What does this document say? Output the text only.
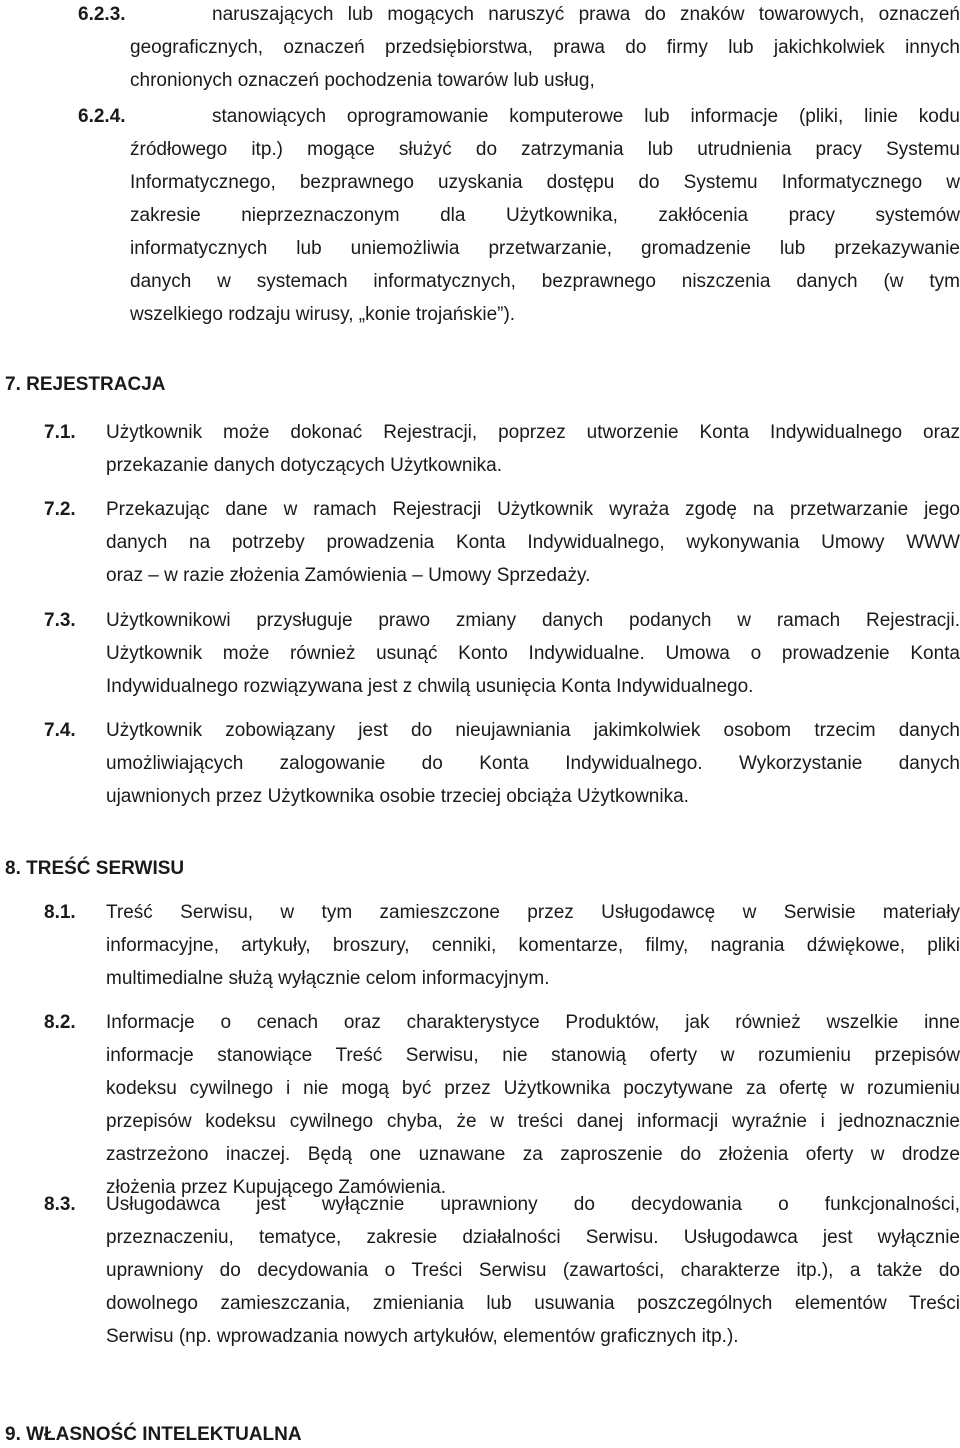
6.2.3.	naruszających lub mogących naruszyć prawa do znaków towarowych, oznaczeń
geograficznych, oznaczeń przedsiębiorstwa, prawa do firmy lub jakichkolwiek innych
chronionych oznaczeń pochodzenia towarów lub usług,
6.2.4.	stanowiących oprogramowanie komputerowe lub informacje (pliki, linie kodu
źródłowego itp.) mogące służyć do zatrzymania lub utrudnienia pracy Systemu
Informatycznego, bezprawnego uzyskania dostępu do Systemu Informatycznego w
zakresie nieprzeznaczonym dla Użytkownika, zakłócenia pracy systemów
informatycznych lub uniemożliwia przetwarzanie, gromadzenie lub przekazywanie
danych w systemach informatycznych, bezprawnego niszczenia danych (w tym
wszelkiego rodzaju wirusy, „konie trojańskie”).
7. REJESTRACJA
7.1. Użytkownik może dokonać Rejestracji, poprzez utworzenie Konta Indywidualnego oraz
przekazanie danych dotyczących Użytkownika.
7.2. Przekazując dane w ramach Rejestracji Użytkownik wyraża zgodę na przetwarzanie jego
danych na potrzeby prowadzenia Konta Indywidualnego, wykonywania Umowy WWW
oraz – w razie złożenia Zamówienia – Umowy Sprzedaży.
7.3. Użytkownikowi przysługuje prawo zmiany danych podanych w ramach Rejestracji.
Użytkownik może również usunąć Konto Indywidualne. Umowa o prowadzenie Konta
Indywidualnego rozwiązywana jest z chwilą usunięcia Konta Indywidualnego.
7.4. Użytkownik zobowiązany jest do nieujawniania jakimkolwiek osobom trzecim danych
umożliwiających zalogowanie do Konta Indywidualnego. Wykorzystanie danych
ujawnionych przez Użytkownika osobie trzeciej obciąża Użytkownika.
8. TREŚĆ SERWISU
8.1. Treść Serwisu, w tym zamieszczone przez Usługodawcę w Serwisie materiały
informacyjne, artykuły, broszury, cenniki, komentarze, filmy, nagrania dźwiękowe, pliki
multimedialne służą wyłącznie celom informacyjnym.
8.2. Informacje o cenach oraz charakterystyce Produktów, jak również wszelkie inne
informacje stanowiące Treść Serwisu, nie stanowią oferty w rozumieniu przepisów
kodeksu cywilnego i nie mogą być przez Użytkownika poczytywane za ofertę w rozumieniu
przepisów kodeksu cywilnego chyba, że w treści danej informacji wyraźnie i jednoznacznie
zastrzeżono inaczej. Będą one uznawane za zaproszenie do złożenia oferty w drodze
złożenia przez Kupującego Zamówienia.
8.3. Usługodawca jest wyłącznie uprawniony do decydowania o funkcjonalności,
przeznaczeniu, tematyce, zakresie działalności Serwisu. Usługodawca jest wyłącznie
uprawniony do decydowania o Treści Serwisu (zawartości, charakterze itp.), a także do
dowolnego zamieszczania, zmieniania lub usuwania poszczególnych elementów Treści
Serwisu (np. wprowadzania nowych artykułów, elementów graficznych itp.).
9. WŁASNOŚĆ INTELEKTUALNA
